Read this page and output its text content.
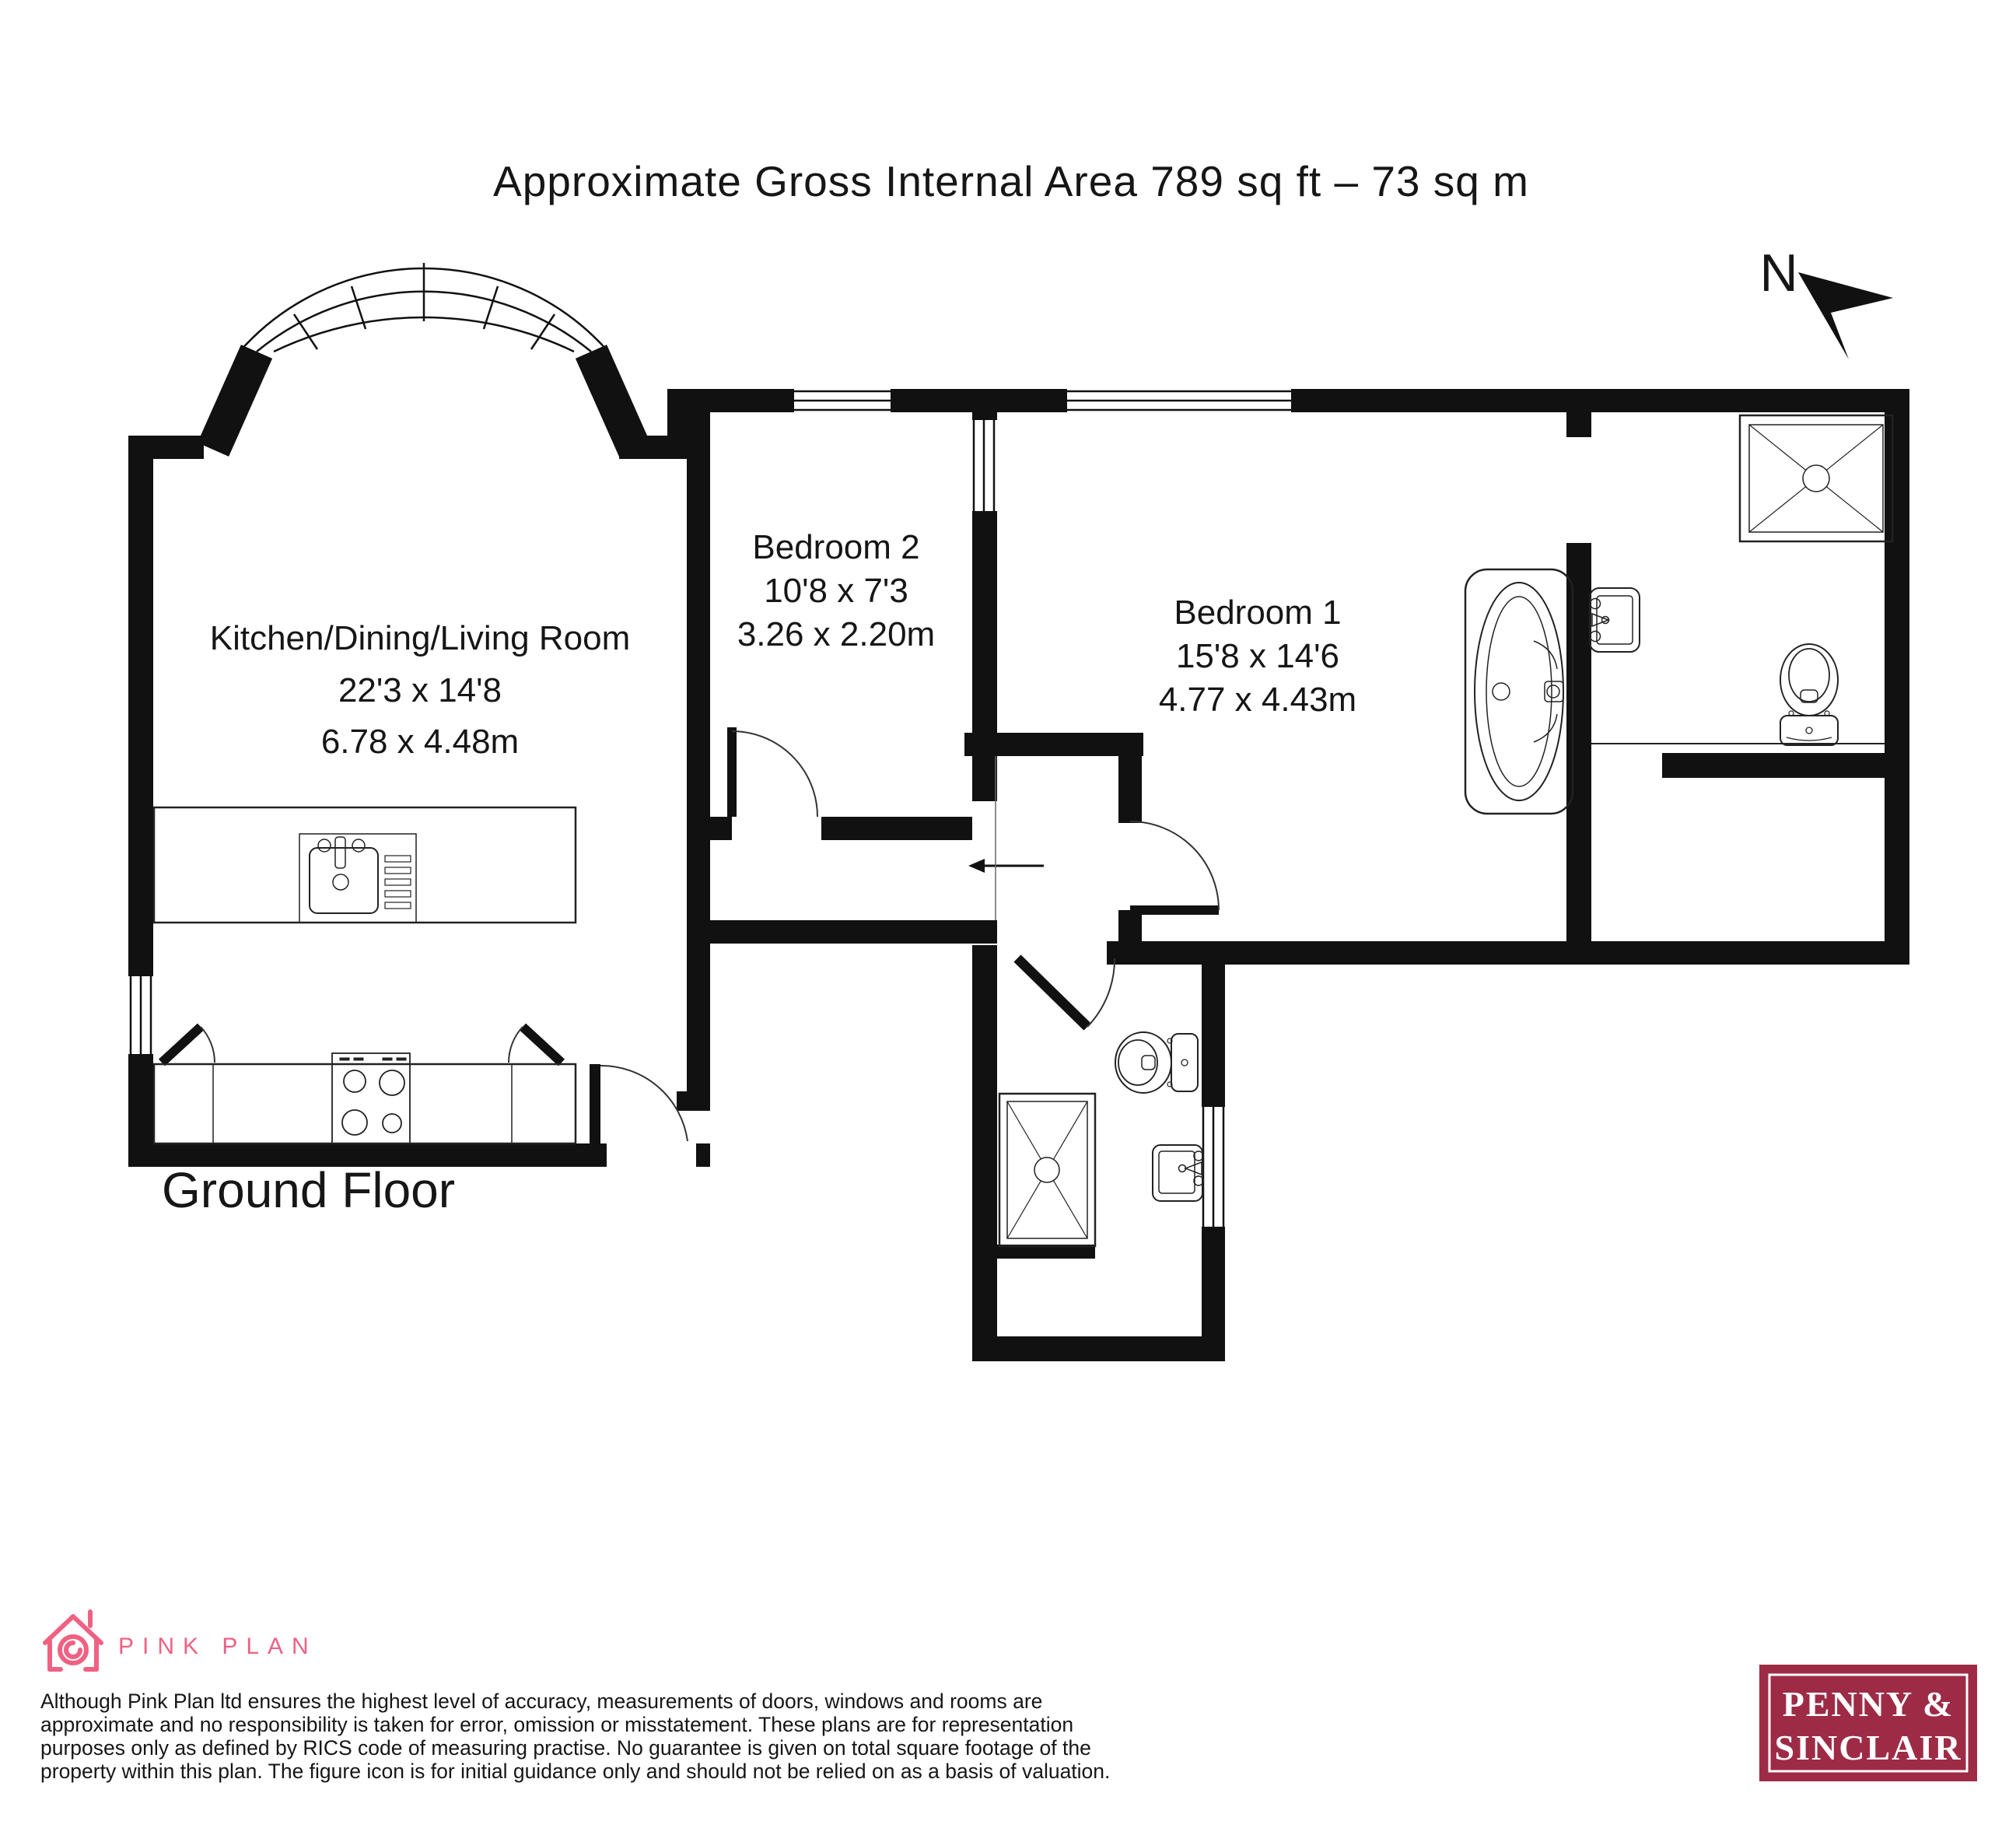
Approximate Gross Internal Area 789 sq ft – 73 sq m
N
Kitchen/Dining/Living Room
22'3 x 14'8
6.78 x 4.48m
Bedroom 2
10'8 x 7'3
3.26 x 2.20m
Bedroom 1
15'8 x 14'6
4.77 x 4.43m
Ground Floor
PINK PLAN
Although Pink Plan ltd ensures the highest level of accuracy, measurements of doors, windows and rooms are
approximate and no responsibility is taken for error, omission or misstatement. These plans are for representation
purposes only as defined by RICS code of measuring practise. No guarantee is given on total square footage of the
property within this plan. The figure icon is for initial guidance only and should not be relied on as a basis of valuation.
PENNY &
SINCLAIR
